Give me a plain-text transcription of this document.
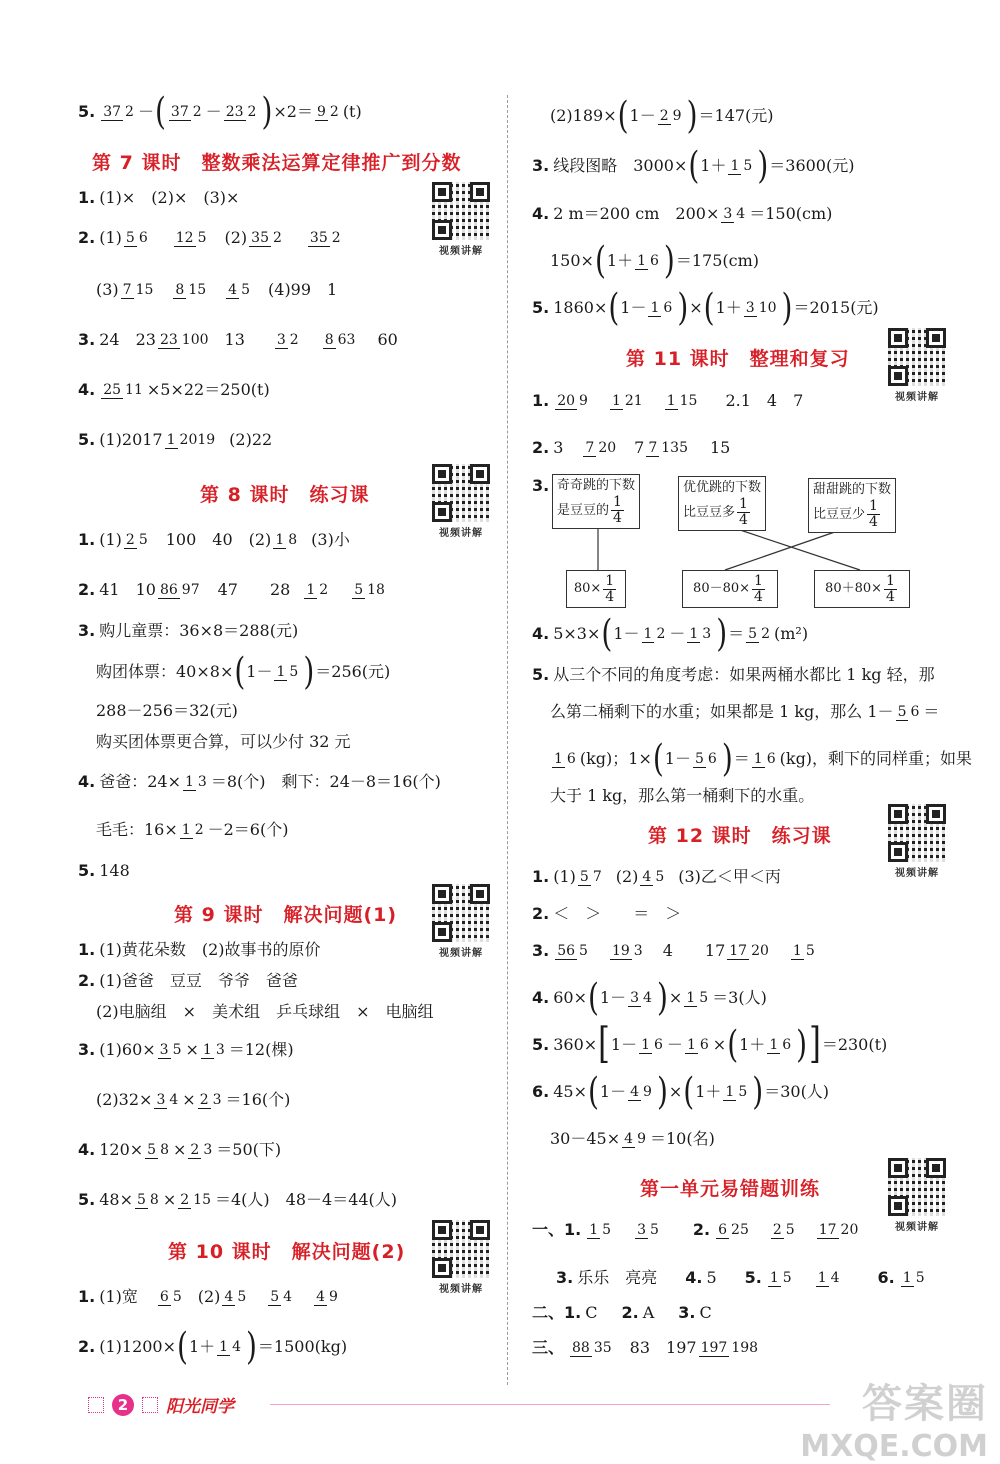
5. 37 2 － ( 37 2 － 23 2 ) ×2＝ 9 2 (t)
第 7 课时　整数乘法运算定律推广到分数
视频讲解
1. (1)×　(2)×　(3)×
2. (1) 5 6 12 5 (2) 35 2 35 2
(3) 7 15 8 15 4 5 (4)99　1
3. 24　23 23 100 13 3 2 8 63 60
4. 25 11 ×5×22＝250(t)
5. (1)2017 1 2019 (2)22
第 8 课时　练习课
视频讲解
1. (1) 2 5 100　40　(2) 1 8 (3)小
2. 41　10 86 97 47　　28 1 2 5 18
3. 购儿童票：36×8＝288(元)
购团体票：40×8× ( 1－ 1 5 ) ＝256(元)
288－256＝32(元)
购买团体票更合算，可以少付 32 元
4. 爸爸：24× 1 3 ＝8(个)　剩下：24－8＝16(个)
毛毛：16× 1 2 －2＝6(个)
5. 148
第 9 课时　解决问题(1)
视频讲解
1. (1)黄花朵数　(2)故事书的原价
2. (1)爸爸　豆豆　爷爷　爸爸
(2)电脑组　×　美术组　乒乓球组　×　电脑组
3. (1)60× 3 5 × 1 3 ＝12(棵)
(2)32× 3 4 × 2 3 ＝16(个)
4. 120× 5 8 × 2 3 ＝50(下)
5. 48× 5 8 × 2 15 ＝4(人)　48－4＝44(人)
第 10 课时　解决问题(2)
视频讲解
1. (1)宽 6 5 (2) 4 5 5 4 4 9
2. (1)1200× ( 1＋ 1 4 ) ＝1500(kg)
(2)189× ( 1－ 2 9 ) ＝147(元)
3. 线段图略　3000× ( 1＋ 1 5 ) ＝3600(元)
4. 2 m＝200 cm　200× 3 4 ＝150(cm)
150× ( 1＋ 1 6 ) ＝175(cm)
5. 1860× ( 1－ 1 6 ) × ( 1＋ 3 10 ) ＝2015(元)
第 11 课时　整理和复习
视频讲解
1. 20 9 1 21 1 15 2.1　4　7
2. 3 7 20 7 7 135 15
3. 奇奇跳的下数
是豆豆的 1
4
优优跳的下数
比豆豆多 1
4
甜甜跳的下数
比豆豆少 1
4
$80\times \frac{1}{4}$	$80-80\times \frac{1}{4}$	$80+80\times \frac{1}{4}$
4. 5×3× ( 1－ 1 2 － 1 3 ) ＝ 5 2 (m²)
5. 从三个不同的角度考虑：如果两桶水都比 1 kg 轻，那
么第二桶剩下的水重；如果都是 1 kg，那么 1－ 5 6 ＝
1 6 (kg)；1× ( 1－ 5 6 ) ＝ 1 6 (kg)，剩下的同样重；如果
大于 1 kg，那么第一桶剩下的水重。
第 12 课时　练习课
视频讲解
1. (1) 5 7 (2) 4 5 (3)乙＜甲＜丙
2. ＜　＞　　＝　＞
3. 56 5 19 3 4　　17 17 20 1 5
4. 60× ( 1－ 3 4 ) × 1 5 ＝3(人)
5. 360× [ 1－ 1 6 － 1 6 × ( 1＋ 1 6 ) ] ＝230(t)
6. 45× ( 1－ 4 9 ) × ( 1＋ 1 5 ) ＝30(人)
30－45× 4 9 ＝10(名)
第一单元易错题训练
视频讲解
一、1. 1 5 3 5 2. 6 25 2 5 17 20
3. 乐乐　亮亮 4. 5 5. 1 5 1 4 6. 1 5
二、1. C 2. A 3. C
三、 88 35 83　197 197 198
2	阳光同学	答案圈
MXQE.COM
